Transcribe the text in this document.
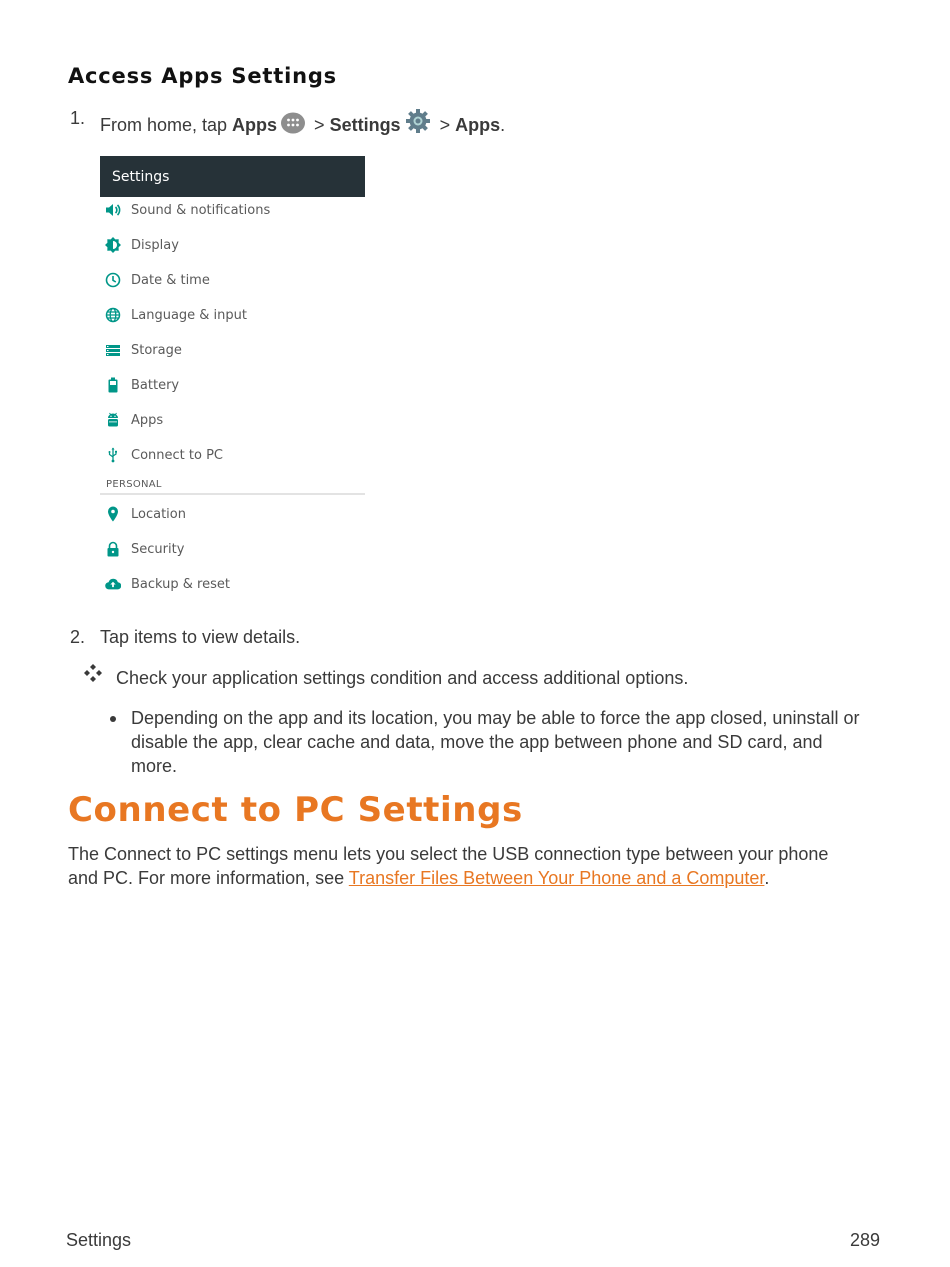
Access Apps Settings
1. From home, tap Apps > Settings > Apps.
Settings
Sound & notifications
Display
Date & time
Language & input
Storage
Battery
Apps
Connect to PC
PERSONAL
Location
Security
Backup & reset
2. Tap items to view details.
Check your application settings condition and access additional options.
Depending on the app and its location, you may be able to force the app closed, uninstall or
disable the app, clear cache and data, move the app between phone and SD card, and
more.
Connect to PC Settings
The Connect to PC settings menu lets you select the USB connection type between your phone
and PC. For more information, see Transfer Files Between Your Phone and a Computer.
Settings	289
